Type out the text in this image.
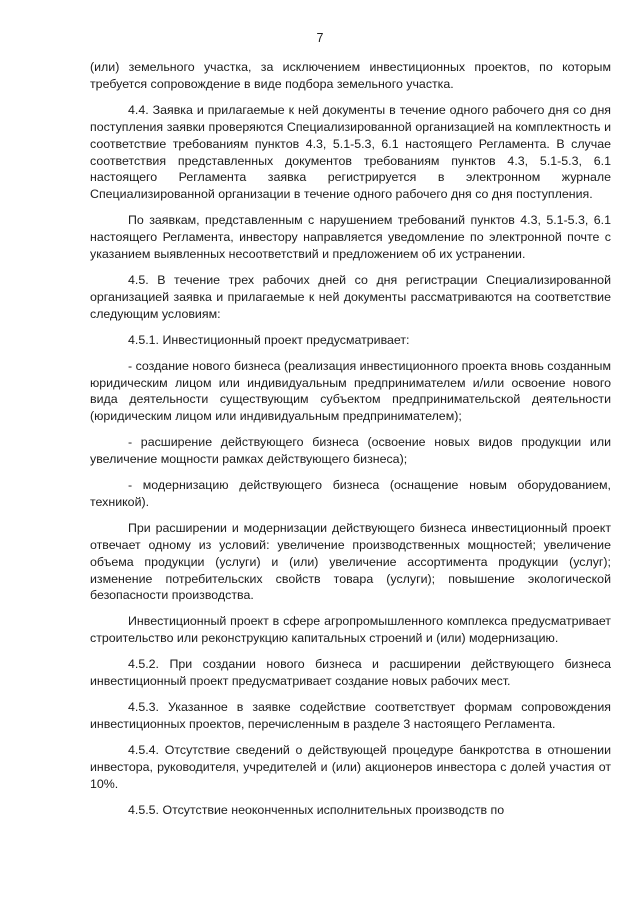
7

(или) земельного участка, за исключением инвестиционных проектов, по которым требуется сопровождение в виде подбора земельного участка.

4.4. Заявка и прилагаемые к ней документы в течение одного рабочего дня со дня поступления заявки проверяются Специализированной организацией на комплектность и соответствие требованиям пунктов 4.3, 5.1-5.3, 6.1 настоящего Регламента. В случае соответствия представленных документов требованиям пунктов 4.3, 5.1-5.3, 6.1 настоящего Регламента заявка регистрируется в электронном журнале Специализированной организации в течение одного рабочего дня со дня поступления.

По заявкам, представленным с нарушением требований пунктов 4.3, 5.1-5.3, 6.1 настоящего Регламента, инвестору направляется уведомление по электронной почте с указанием выявленных несоответствий и предложением об их устранении.

4.5. В течение трех рабочих дней со дня регистрации Специализированной организацией заявка и прилагаемые к ней документы рассматриваются на соответствие следующим условиям:

4.5.1. Инвестиционный проект предусматривает:

- создание нового бизнеса (реализация инвестиционного проекта вновь созданным юридическим лицом или индивидуальным предпринимателем и/или освоение нового вида деятельности существующим субъектом предпринимательской деятельности (юридическим лицом или индивидуальным предпринимателем);

- расширение действующего бизнеса (освоение новых видов продукции или увеличение мощности рамках действующего бизнеса);

- модернизацию действующего бизнеса (оснащение новым оборудованием, техникой).

При расширении и модернизации действующего бизнеса инвестиционный проект отвечает одному из условий: увеличение производственных мощностей; увеличение объема продукции (услуги) и (или) увеличение ассортимента продукции (услуг); изменение потребительских свойств товара (услуги); повышение экологической безопасности производства.

Инвестиционный проект в сфере агропромышленного комплекса предусматривает строительство или реконструкцию капитальных строений и (или) модернизацию.

4.5.2. При создании нового бизнеса и расширении действующего бизнеса инвестиционный проект предусматривает создание новых рабочих мест.

4.5.3. Указанное в заявке содействие соответствует формам сопровождения инвестиционных проектов, перечисленным в разделе 3 настоящего Регламента.

4.5.4. Отсутствие сведений о действующей процедуре банкротства в отношении инвестора, руководителя, учредителей и (или) акционеров инвестора с долей участия от 10%.

4.5.5. Отсутствие неоконченных исполнительных производств по
